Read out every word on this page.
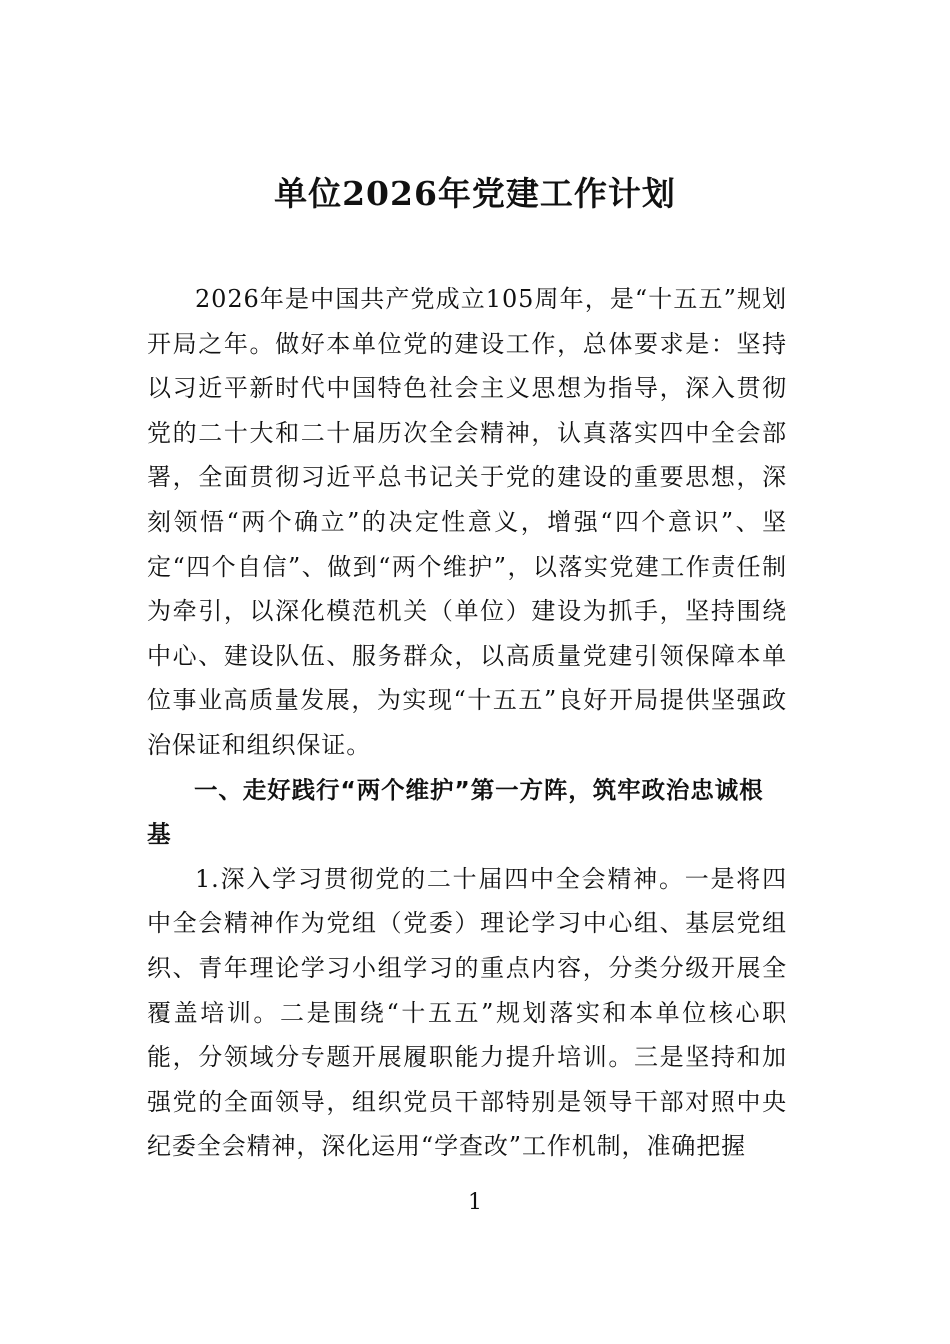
单位2026年党建工作计划

2026年是中国共产党成立105周年，是“十五五”规划开局之年。做好本单位党的建设工作，总体要求是：坚持以习近平新时代中国特色社会主义思想为指导，深入贯彻党的二十大和二十届历次全会精神，认真落实四中全会部署，全面贯彻习近平总书记关于党的建设的重要思想，深刻领悟“两个确立”的决定性意义，增强“四个意识”、坚定“四个自信”、做到“两个维护”，以落实党建工作责任制为牵引，以深化模范机关（单位）建设为抓手，坚持围绕中心、建设队伍、服务群众，以高质量党建引领保障本单位事业高质量发展，为实现“十五五”良好开局提供坚强政治保证和组织保证。

一、走好践行“两个维护”第一方阵，筑牢政治忠诚根基

1.深入学习贯彻党的二十届四中全会精神。一是将四中全会精神作为党组（党委）理论学习中心组、基层党组织、青年理论学习小组学习的重点内容，分类分级开展全覆盖培训。二是围绕“十五五”规划落实和本单位核心职能，分领域分专题开展履职能力提升培训。三是坚持和加强党的全面领导，组织党员干部特别是领导干部对照中央纪委全会精神，深化运用“学查改”工作机制，准确把握

1
